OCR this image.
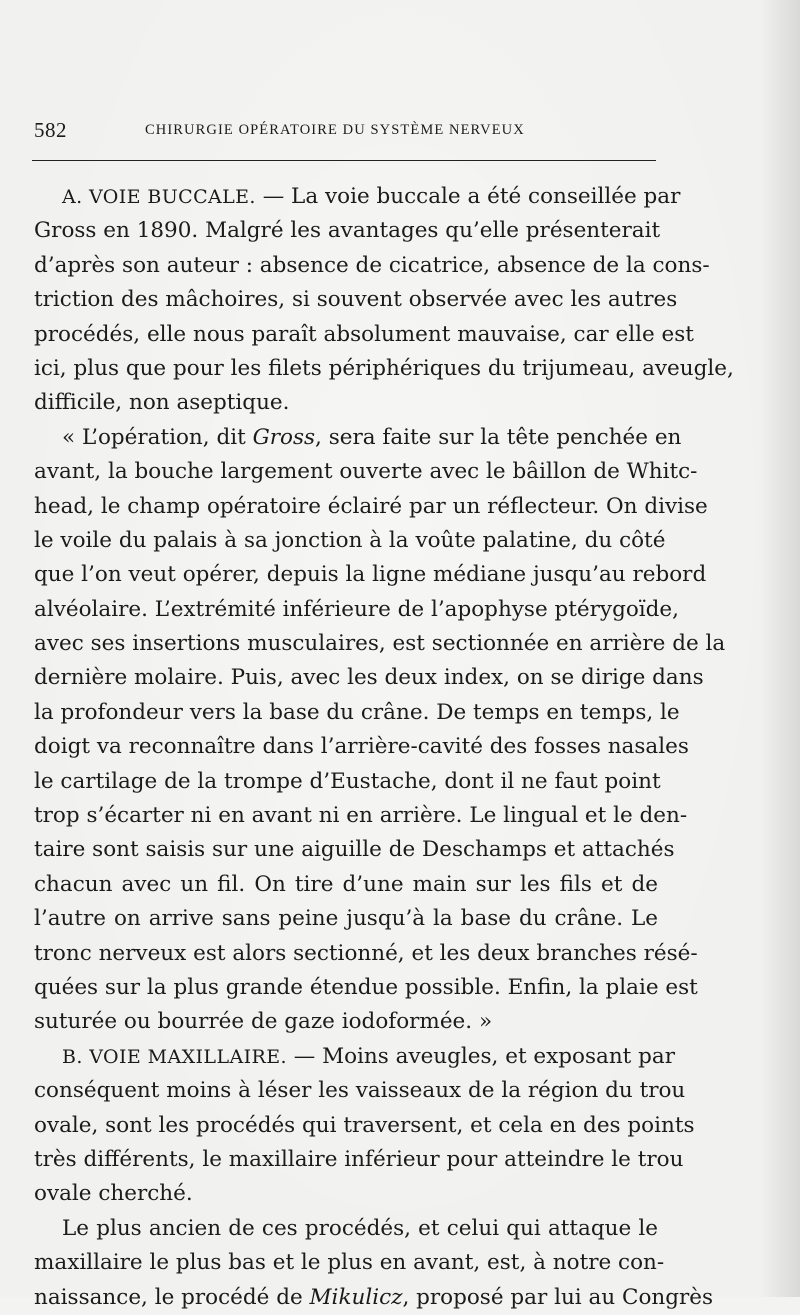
582	CHIRURGIE OPÉRATOIRE DU SYSTÈME NERVEUX
A. VOIE BUCCALE. — La voie buccale a été conseillée par
Gross en 1890. Malgré les avantages qu’elle présenterait
d’après son auteur : absence de cicatrice, absence de la cons-
triction des mâchoires, si souvent observée avec les autres
procédés, elle nous paraît absolument mauvaise, car elle est
ici, plus que pour les filets périphériques du trijumeau, aveugle,
difficile, non aseptique.
« L’opération, dit Gross, sera faite sur la tête penchée en
avant, la bouche largement ouverte avec le bâillon de Whitc-
head, le champ opératoire éclairé par un réflecteur. On divise
le voile du palais à sa jonction à la voûte palatine, du côté
que l’on veut opérer, depuis la ligne médiane jusqu’au rebord
alvéolaire. L’extrémité inférieure de l’apophyse ptérygoïde,
avec ses insertions musculaires, est sectionnée en arrière de la
dernière molaire. Puis, avec les deux index, on se dirige dans
la profondeur vers la base du crâne. De temps en temps, le
doigt va reconnaître dans l’arrière-cavité des fosses nasales
le cartilage de la trompe d’Eustache, dont il ne faut point
trop s’écarter ni en avant ni en arrière. Le lingual et le den-
taire sont saisis sur une aiguille de Deschamps et attachés
chacun avec un fil. On tire d’une main sur les fils et de
l’autre on arrive sans peine jusqu’à la base du crâne. Le
tronc nerveux est alors sectionné, et les deux branches résé-
quées sur la plus grande étendue possible. Enfin, la plaie est
suturée ou bourrée de gaze iodoformée. »
B. VOIE MAXILLAIRE. — Moins aveugles, et exposant par
conséquent moins à léser les vaisseaux de la région du trou
ovale, sont les procédés qui traversent, et cela en des points
très différents, le maxillaire inférieur pour atteindre le trou
ovale cherché.
Le plus ancien de ces procédés, et celui qui attaque le
maxillaire le plus bas et le plus en avant, est, à notre con-
naissance, le procédé de Mikulicz, proposé par lui au Congrès
